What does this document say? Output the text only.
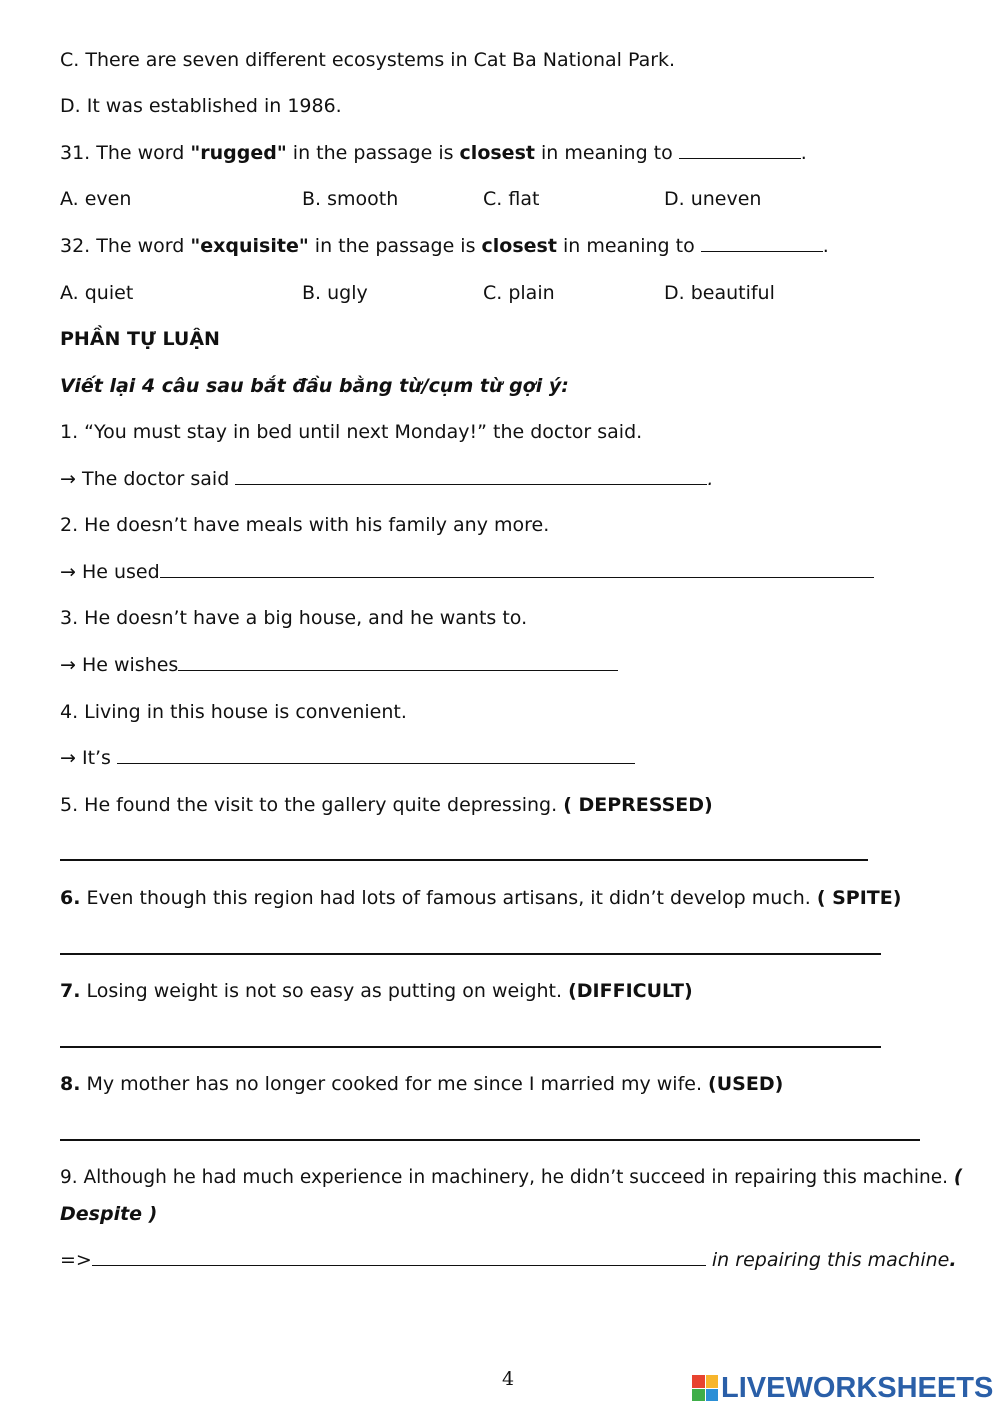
C. There are seven different ecosystems in Cat Ba National Park.
D. It was established in 1986.
31. The word "rugged" in the passage is closest in meaning to	.
A. even	B. smooth	C. flat	D. uneven
32. The word "exquisite" in the passage is closest in meaning to	.
A. quiet	B. ugly	C. plain	D. beautiful
PHẦN TỰ LUẬN
Viết lại 4 câu sau bắt đầu bằng từ/cụm từ gợi ý:
1. “You must stay in bed until next Monday!” the doctor said.
→ The doctor said	.
2. He doesn’t have meals with his family any more.
→ He used
3. He doesn’t have a big house, and he wants to.
→ He wishes
4. Living in this house is convenient.
→ It’s
5. He found the visit to the gallery quite depressing. ( DEPRESSED)
6. Even though this region had lots of famous artisans, it didn’t develop much. ( SPITE)
7. Losing weight is not so easy as putting on weight. (DIFFICULT)
8. My mother has no longer cooked for me since I married my wife. (USED)
9. Although he had much experience in machinery, he didn’t succeed in repairing this machine. (
Despite )
=>	in repairing this machine.
4	LIVEWORKSHEETS
